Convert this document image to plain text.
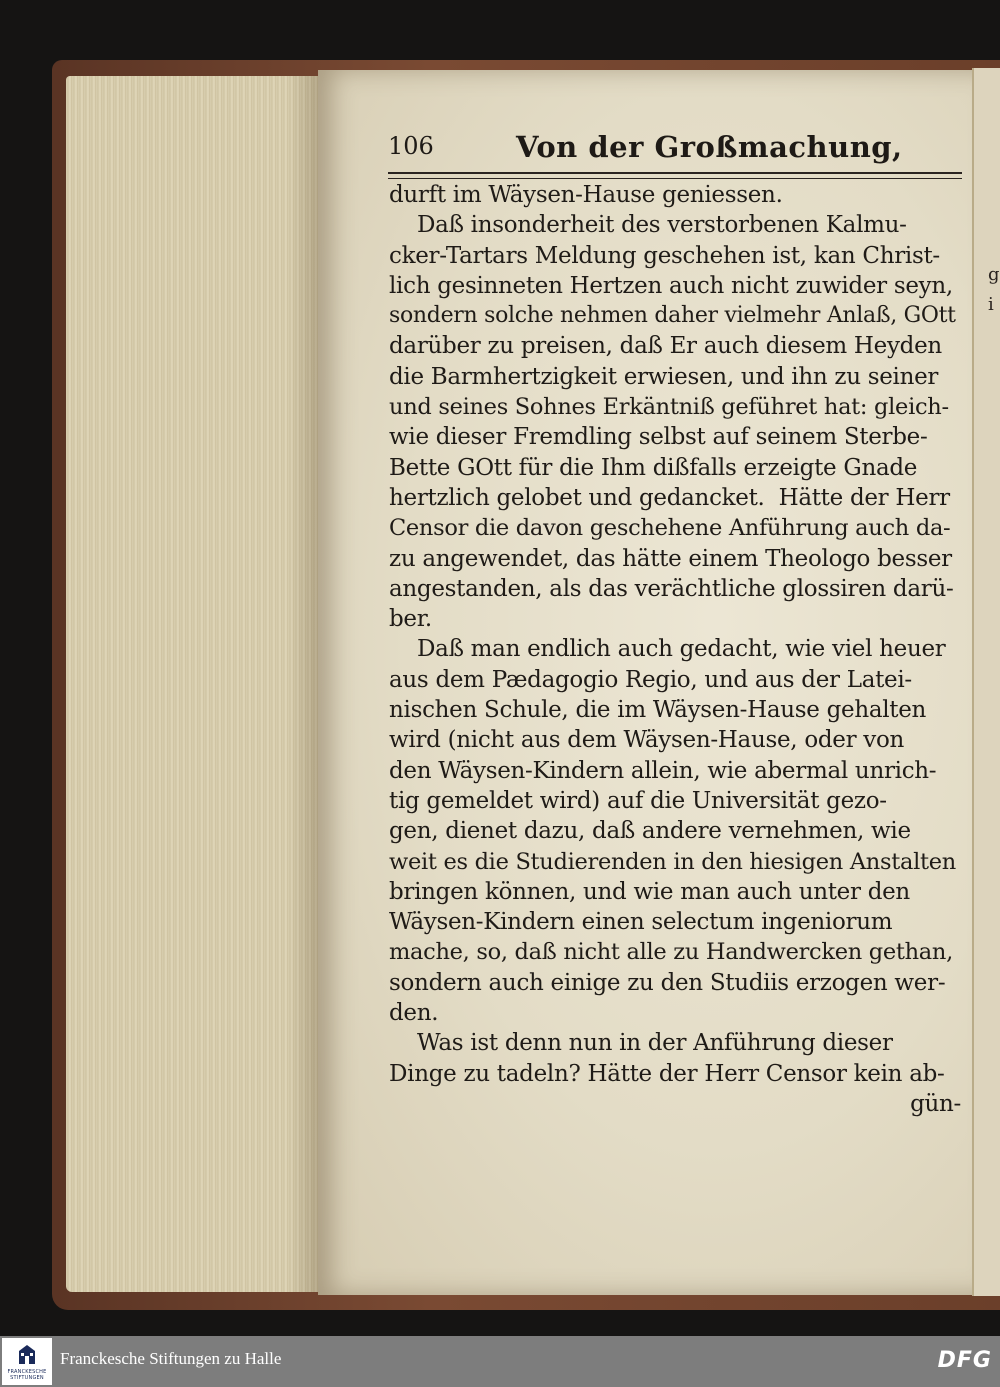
g
i
106	Von der Großmachung,
durft im Wäysen-Hause geniessen.
Daß insonderheit des verstorbenen Kalmu-
cker-Tartars Meldung geschehen ist, kan Christ-
lich gesinneten Hertzen auch nicht zuwider seyn,
sondern solche nehmen daher vielmehr Anlaß, GOtt
darüber zu preisen, daß Er auch diesem Heyden
die Barmhertzigkeit erwiesen, und ihn zu seiner
und seines Sohnes Erkäntniß geführet hat: gleich-
wie dieser Fremdling selbst auf seinem Sterbe-
Bette GOtt für die Ihm dißfalls erzeigte Gnade
hertzlich gelobet und gedancket.  Hätte der Herr
Censor die davon geschehene Anführung auch da-
zu angewendet, das hätte einem Theologo besser
angestanden, als das verächtliche glossiren darü-
ber.
Daß man endlich auch gedacht, wie viel heuer
aus dem Pædagogio Regio, und aus der Latei-
nischen Schule, die im Wäysen-Hause gehalten
wird (nicht aus dem Wäysen-Hause, oder von
den Wäysen-Kindern allein, wie abermal unrich-
tig gemeldet wird) auf die Universität gezo-
gen, dienet dazu, daß andere vernehmen, wie
weit es die Studierenden in den hiesigen Anstalten
bringen können, und wie man auch unter den
Wäysen-Kindern einen selectum ingeniorum
mache, so, daß nicht alle zu Handwercken gethan,
sondern auch einige zu den Studiis erzogen wer-
den.
Was ist denn nun in der Anführung dieser
Dinge zu tadeln? Hätte der Herr Censor kein ab-
gün-
FRANCKESCHE
STIFTUNGEN
Franckesche Stiftungen zu Halle	DFG
